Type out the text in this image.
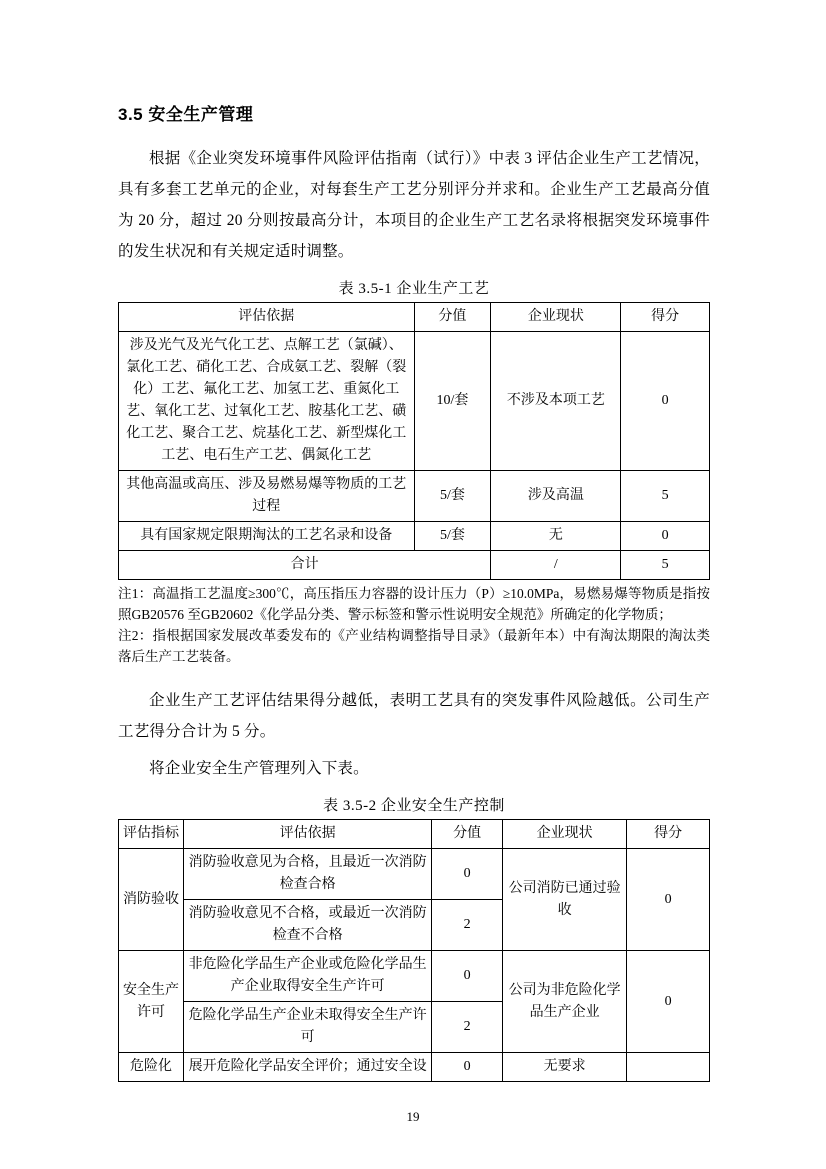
3.5 安全生产管理

根据《企业突发环境事件风险评估指南（试行）》中表 3 评估企业生产工艺情况，具有多套工艺单元的企业，对每套生产工艺分别评分并求和。企业生产工艺最高分值为 20 分，超过 20 分则按最高分计，本项目的企业生产工艺名录将根据突发环境事件的发生状况和有关规定适时调整。

表 3.5-1 企业生产工艺
评估依据	分值	企业现状	得分
涉及光气及光气化工艺、点解工艺（氯碱）、氯化工艺、硝化工艺、合成氨工艺、裂解（裂化）工艺、氟化工艺、加氢工艺、重氮化工艺、氧化工艺、过氧化工艺、胺基化工艺、磺化工艺、聚合工艺、烷基化工艺、新型煤化工工艺、电石生产工艺、偶氮化工艺	10/套	不涉及本项工艺	0
其他高温或高压、涉及易燃易爆等物质的工艺过程	5/套	涉及高温	5
具有国家规定限期淘汰的工艺名录和设备	5/套	无	0
合计		/	5
注1：高温指工艺温度≥300℃，高压指压力容器的设计压力（P）≥10.0MPa，易燃易爆等物质是指按照GB20576 至GB20602《化学品分类、警示标签和警示性说明安全规范》所确定的化学物质；
注2：指根据国家发展改革委发布的《产业结构调整指导目录》（最新年本）中有淘汰期限的淘汰类落后生产工艺装备。

企业生产工艺评估结果得分越低，表明工艺具有的突发事件风险越低。公司生产工艺得分合计为 5 分。

将企业安全生产管理列入下表。

表 3.5-2 企业安全生产控制
评估指标	评估依据	分值	企业现状	得分
消防验收	消防验收意见为合格，且最近一次消防检查合格	0	公司消防已通过验收	0
	消防验收意见不合格，或最近一次消防检查不合格	2		
安全生产许可	非危险化学品生产企业或危险化学品生产企业取得安全生产许可	0	公司为非危险化学品生产企业	0
	危险化学品生产企业未取得安全生产许可	2		
危险化	展开危险化学品安全评价；通过安全设	0	无要求	
19
